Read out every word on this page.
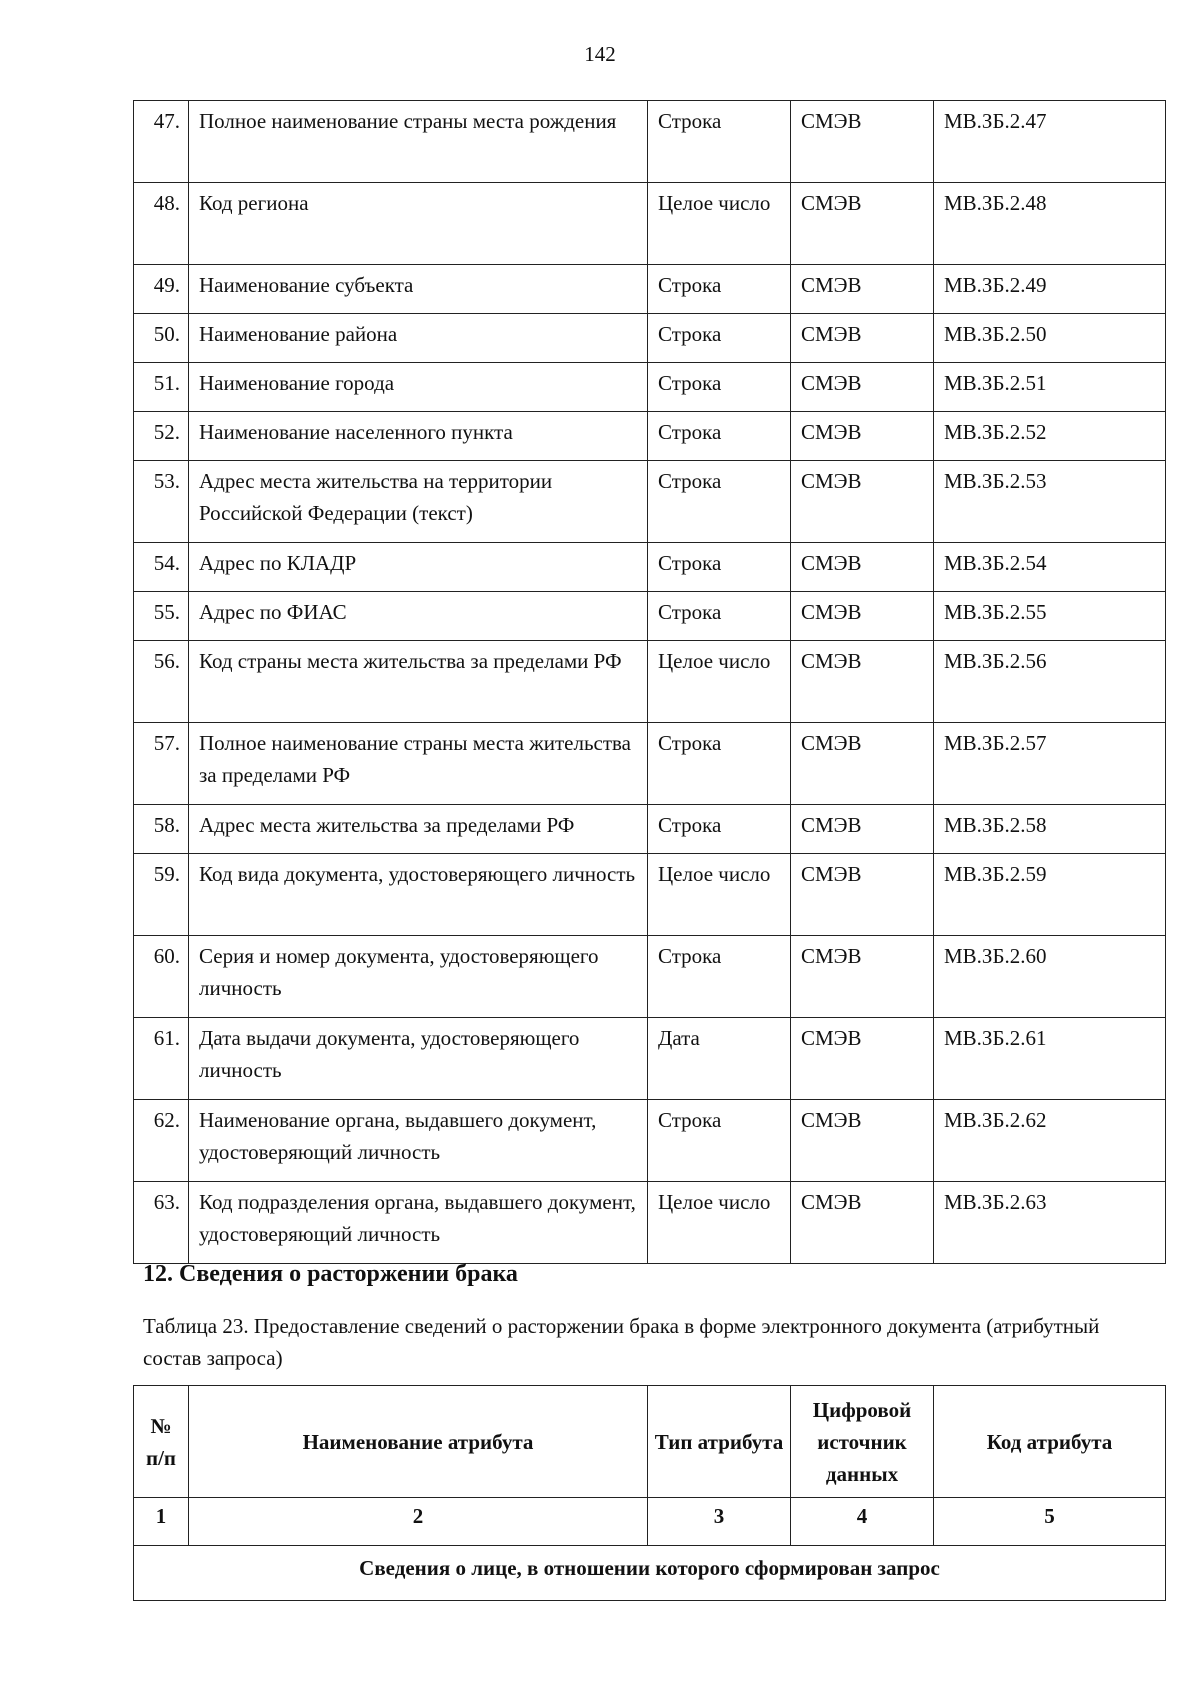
142
47.	Полное наименование страны места рождения	Строка	СМЭВ	МВ.ЗБ.2.47
48.	Код региона	Целое число	СМЭВ	МВ.ЗБ.2.48
49.	Наименование субъекта	Строка	СМЭВ	МВ.ЗБ.2.49
50.	Наименование района	Строка	СМЭВ	МВ.ЗБ.2.50
51.	Наименование города	Строка	СМЭВ	МВ.ЗБ.2.51
52.	Наименование населенного пункта	Строка	СМЭВ	МВ.ЗБ.2.52
53.	Адрес места жительства на территории Российской Федерации (текст)	Строка	СМЭВ	МВ.ЗБ.2.53
54.	Адрес по КЛАДР	Строка	СМЭВ	МВ.ЗБ.2.54
55.	Адрес по ФИАС	Строка	СМЭВ	МВ.ЗБ.2.55
56.	Код страны места жительства за пределами РФ	Целое число	СМЭВ	МВ.ЗБ.2.56
57.	Полное наименование страны места жительства за пределами РФ	Строка	СМЭВ	МВ.ЗБ.2.57
58.	Адрес места жительства за пределами РФ	Строка	СМЭВ	МВ.ЗБ.2.58
59.	Код вида документа, удостоверяющего личность	Целое число	СМЭВ	МВ.ЗБ.2.59
60.	Серия и номер документа, удостоверяющего личность	Строка	СМЭВ	МВ.ЗБ.2.60
61.	Дата выдачи документа, удостоверяющего личность	Дата	СМЭВ	МВ.ЗБ.2.61
62.	Наименование органа, выдавшего документ, удостоверяющий личность	Строка	СМЭВ	МВ.ЗБ.2.62
63.	Код подразделения органа, выдавшего документ, удостоверяющий личность	Целое число	СМЭВ	МВ.ЗБ.2.63
12. Сведения о расторжении брака
Таблица 23. Предоставление сведений о расторжении брака в форме электронного документа (атрибутный состав запроса)
№ п/п	Наименование атрибута	Тип атрибута	Цифровой источник данных	Код атрибута
1	2	3	4	5
Сведения о лице, в отношении которого сформирован запрос				
